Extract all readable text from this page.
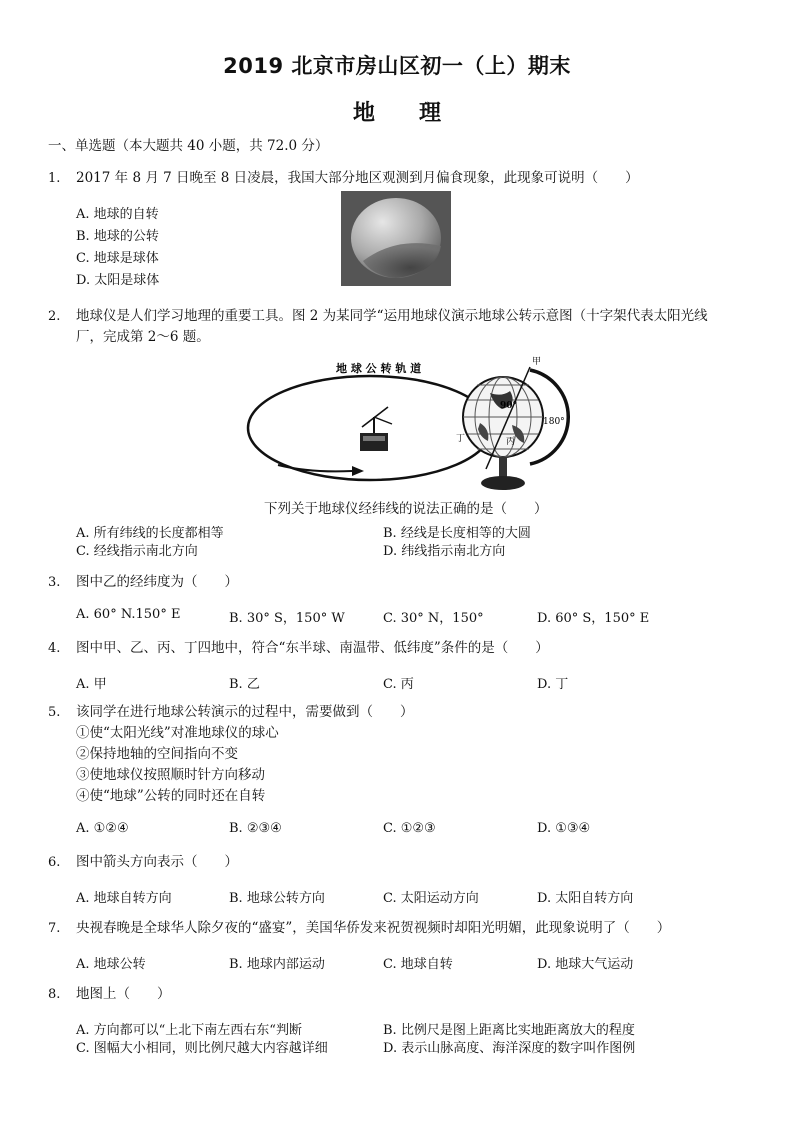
2019 北京市房山区初一（上）期末
地 理
一、单选题（本大题共 40 小题，共 72.0 分）
1. 2017 年 8 月 7 日晚至 8 日凌晨，我国大部分地区观测到月偏食现象，此现象可说明（　　）
A. 地球的自转
B. 地球的公转
C. 地球是球体
D. 太阳是球体
2. 地球仪是人们学习地理的重要工具。图 2 为某同学“运用地球仪演示地球公转示意图（十字架代表太阳光线
厂，完成第 2～6 题。
地 球 公 转 轨 道	甲
90°
180°
丁	丙
下列关于地球仪经纬线的说法正确的是（　　）
A. 所有纬线的长度都相等	B. 经线是长度相等的大圆
C. 经线指示南北方向	D. 纬线指示南北方向
3. 图中乙的经纬度为（　　）
A. 60° N.150° E	B. 30° S，150° W	C. 30° N，150°	D. 60° S，150° E
4. 图中甲、乙、丙、丁四地中，符合“东半球、南温带、低纬度”条件的是（　　）
A. 甲	B. 乙	C. 丙	D. 丁
5. 该同学在进行地球公转演示的过程中，需要做到（　　）
①使“太阳光线”对准地球仪的球心
②保持地轴的空间指向不变
③使地球仪按照顺时针方向移动
④使“地球”公转的同时还在自转
A. ①②④	B. ②③④	C. ①②③	D. ①③④
6. 图中箭头方向表示（　　）
A. 地球自转方向	B. 地球公转方向	C. 太阳运动方向	D. 太阳自转方向
7. 央视春晚是全球华人除夕夜的“盛宴”，美国华侨发来祝贺视频时却阳光明媚，此现象说明了（　　）
A. 地球公转	B. 地球内部运动	C. 地球自转	D. 地球大气运动
8. 地图上（　　）
A. 方向都可以“上北下南左西右东“判断	B. 比例尺是图上距离比实地距离放大的程度
C. 图幅大小相同，则比例尺越大内容越详细	D. 表示山脉高度、海洋深度的数字叫作图例
